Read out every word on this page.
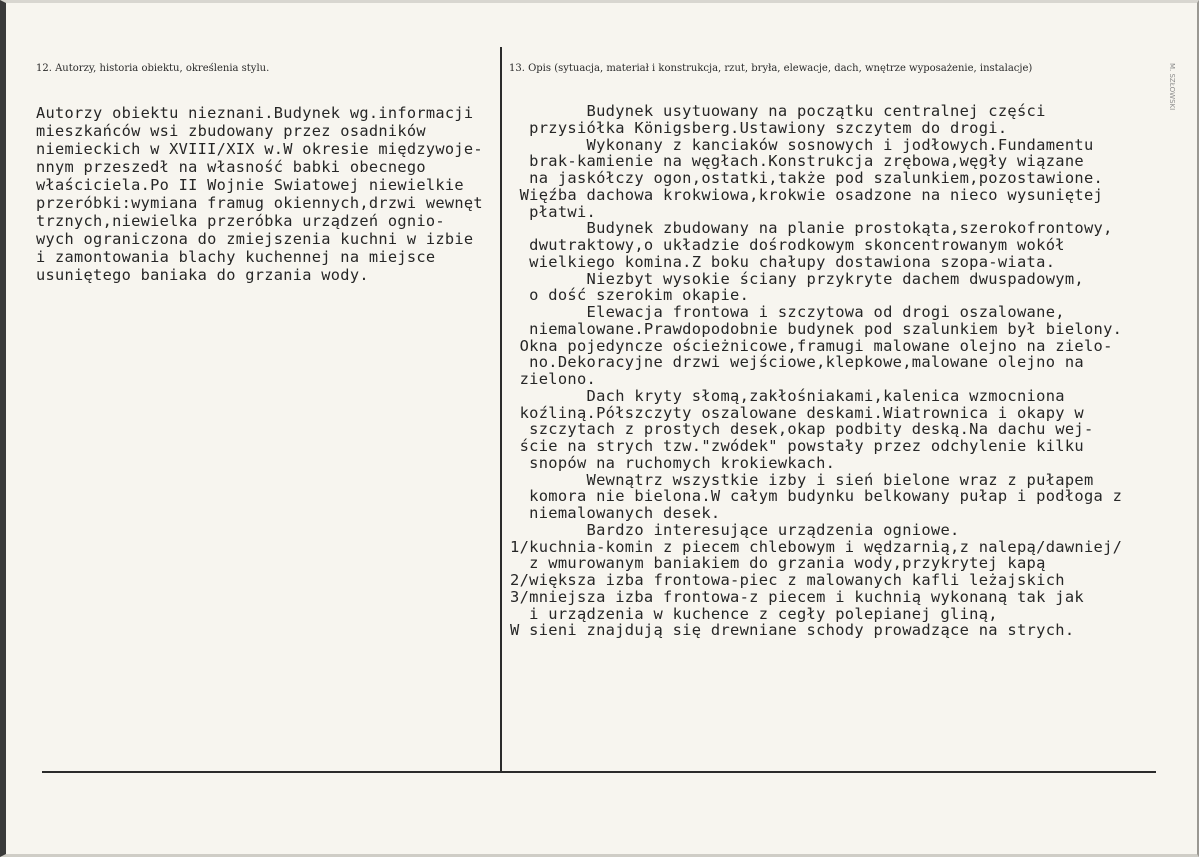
12. Autorzy, historia obiektu, określenia stylu.	13. Opis (sytuacja, materiał i konstrukcja, rzut, bryła, elewacje, dach, wnętrze wyposażenie, instalacje)
Autorzy obiektu nieznani.Budynek wg.informacji
mieszkańców wsi zbudowany przez osadników
niemieckich w XVIII/XIX w.W okresie międzywoje-
nnym przeszedł na własność babki obecnego
właściciela.Po II Wojnie Swiatowej niewielkie
przeróbki:wymiana framug okiennych,drzwi wewnęt
trznych,niewielka przeróbka urządzeń ognio-
wych ograniczona do zmiejszenia kuchni w izbie
i zamontowania blachy kuchennej na miejsce
usuniętego baniaka do grzania wody.
Budynek usytuowany na początku centralnej części
przysiółka Königsberg.Ustawiony szczytem do drogi.
Wykonany z kanciaków sosnowych i jodłowych.Fundamentu
brak-kamienie na węgłach.Konstrukcja zrębowa,węgły wiązane
na jaskółczy ogon,ostatki,także pod szalunkiem,pozostawione.
Więźba dachowa krokwiowa,krokwie osadzone na nieco wysuniętej
płatwi.
Budynek zbudowany na planie prostokąta,szerokofrontowy,
dwutraktowy,o układzie dośrodkowym skoncentrowanym wokół
wielkiego komina.Z boku chałupy dostawiona szopa-wiata.
Niezbyt wysokie ściany przykryte dachem dwuspadowym,
o dość szerokim okapie.
Elewacja frontowa i szczytowa od drogi oszalowane,
niemalowane.Prawdopodobnie budynek pod szalunkiem był bielony.
Okna pojedyncze ościeżnicowe,framugi malowane olejno na zielo-
no.Dekoracyjne drzwi wejściowe,klepkowe,malowane olejno na
zielono.
Dach kryty słomą,zakłośniakami,kalenica wzmocniona
koźliną.Półszczyty oszalowane deskami.Wiatrownica i okapy w
szczytach z prostych desek,okap podbity deską.Na dachu wej-
ście na strych tzw."zwódek" powstały przez odchylenie kilku
snopów na ruchomych krokiewkach.
Wewnątrz wszystkie izby i sień bielone wraz z pułapem
komora nie bielona.W całym budynku belkowany pułap i podłoga z
niemalowanych desek.
Bardzo interesujące urządzenia ogniowe.
1/kuchnia-komin z piecem chlebowym i wędzarnią,z nalepą/dawniej/
z wmurowanym baniakiem do grzania wody,przykrytej kapą
2/większa izba frontowa-piec z malowanych kafli leżajskich
3/mniejsza izba frontowa-z piecem i kuchnią wykonaną tak jak
i urządzenia w kuchence z cegły polepianej gliną,
W sieni znajdują się drewniane schody prowadzące na strych.
M. SZŁOWSKI
